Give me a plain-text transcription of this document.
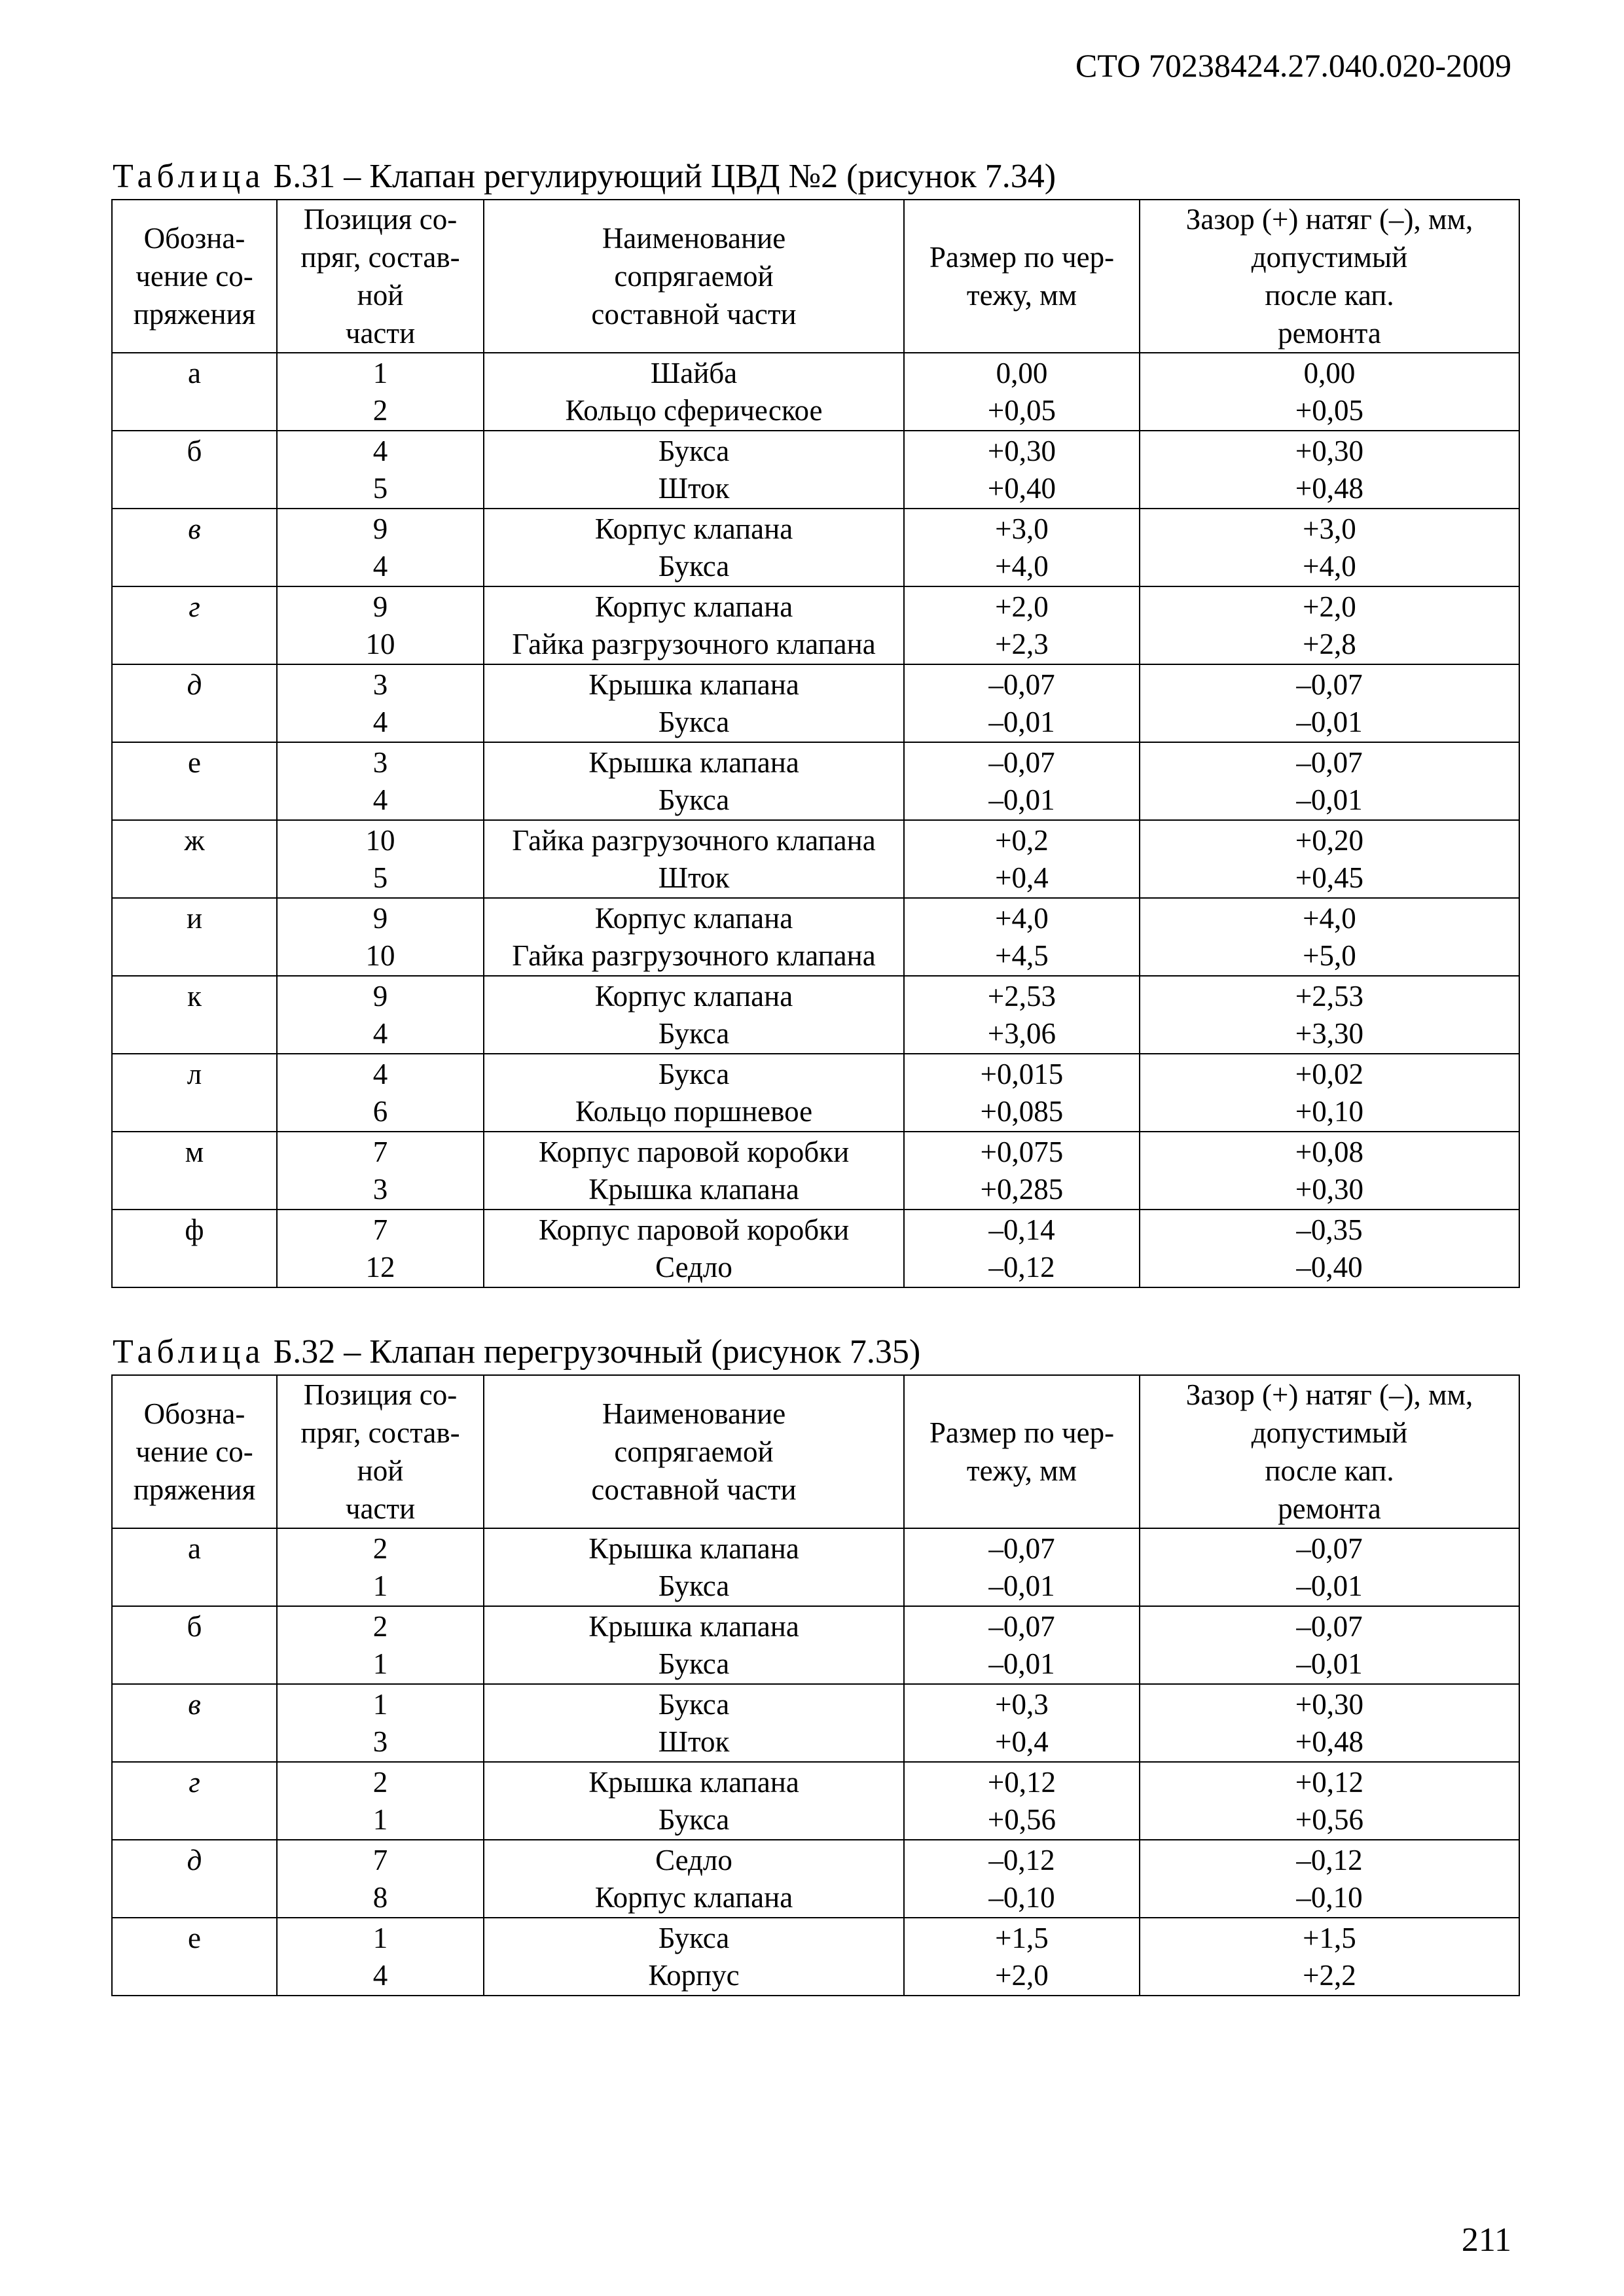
СТО 70238424.27.040.020-2009
Таблица Б.31 – Клапан регулирующий ЦВД №2 (рисунок 7.34)
Обозна-
чение со-
пряжения	Позиция со-
пряг, состав-
ной
части	Наименование
сопрягаемой
составной части	Размер по чер-
тежу, мм	Зазор (+) натяг (–), мм,
допустимый
после кап.
ремонта
а	1	Шайба	0,00	0,00
	2	Кольцо сферическое	+0,05	+0,05
б	4	Букса	+0,30	+0,30
	5	Шток	+0,40	+0,48
в	9	Корпус клапана	+3,0	+3,0
	4	Букса	+4,0	+4,0
г	9	Корпус клапана	+2,0	+2,0
	10	Гайка разгрузочного клапана	+2,3	+2,8
д	3	Крышка клапана	–0,07	–0,07
	4	Букса	–0,01	–0,01
е	3	Крышка клапана	–0,07	–0,07
	4	Букса	–0,01	–0,01
ж	10	Гайка разгрузочного клапана	+0,2	+0,20
	5	Шток	+0,4	+0,45
и	9	Корпус клапана	+4,0	+4,0
	10	Гайка разгрузочного клапана	+4,5	+5,0
к	9	Корпус клапана	+2,53	+2,53
	4	Букса	+3,06	+3,30
л	4	Букса	+0,015	+0,02
	6	Кольцо поршневое	+0,085	+0,10
м	7	Корпус паровой коробки	+0,075	+0,08
	3	Крышка клапана	+0,285	+0,30
ф	7	Корпус паровой коробки	–0,14	–0,35
	12	Седло	–0,12	–0,40
Таблица Б.32 – Клапан перегрузочный (рисунок 7.35)
Обозна-
чение со-
пряжения	Позиция со-
пряг, состав-
ной
части	Наименование
сопрягаемой
составной части	Размер по чер-
тежу, мм	Зазор (+) натяг (–), мм,
допустимый
после кап.
ремонта
а	2	Крышка клапана	–0,07	–0,07
	1	Букса	–0,01	–0,01
б	2	Крышка клапана	–0,07	–0,07
	1	Букса	–0,01	–0,01
в	1	Букса	+0,3	+0,30
	3	Шток	+0,4	+0,48
г	2	Крышка клапана	+0,12	+0,12
	1	Букса	+0,56	+0,56
д	7	Седло	–0,12	–0,12
	8	Корпус клапана	–0,10	–0,10
е	1	Букса	+1,5	+1,5
	4	Корпус	+2,0	+2,2
211
